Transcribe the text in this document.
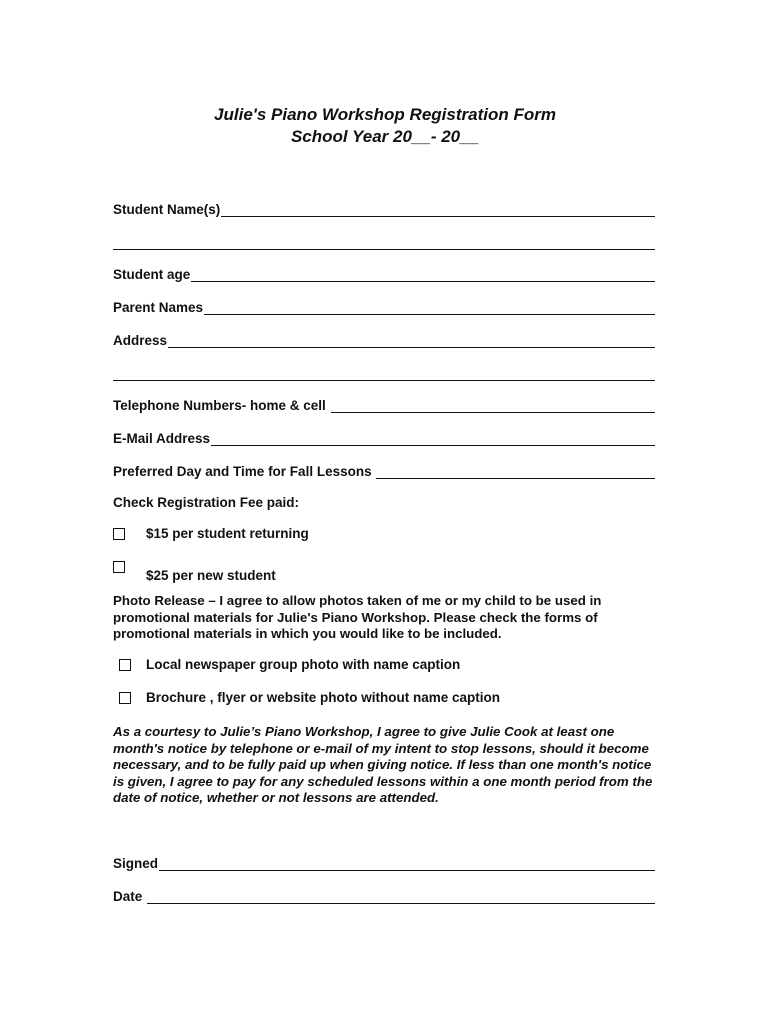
Julie's Piano Workshop Registration Form
School Year 20__- 20__
Student Name(s)
Student age
Parent Names
Address
Telephone Numbers- home & cell
E-Mail Address
Preferred Day and Time for Fall Lessons
Check Registration Fee paid:
$15 per student returning
$25 per new student
Photo Release – I agree to allow photos taken of me or my child to be used in promotional materials for Julie's Piano Workshop. Please check the forms of promotional materials in which you would like to be included.
Local newspaper group photo with name caption
Brochure , flyer or website photo without name caption
As a courtesy to Julie’s Piano Workshop, I agree to give Julie Cook at least one month's notice by telephone or e-mail of my intent to stop lessons, should it become necessary, and to be fully paid up when giving notice. If less than one month's notice is given, I agree to pay for any scheduled lessons within a one month period from the date of notice, whether or not lessons are attended.
Signed
Date
